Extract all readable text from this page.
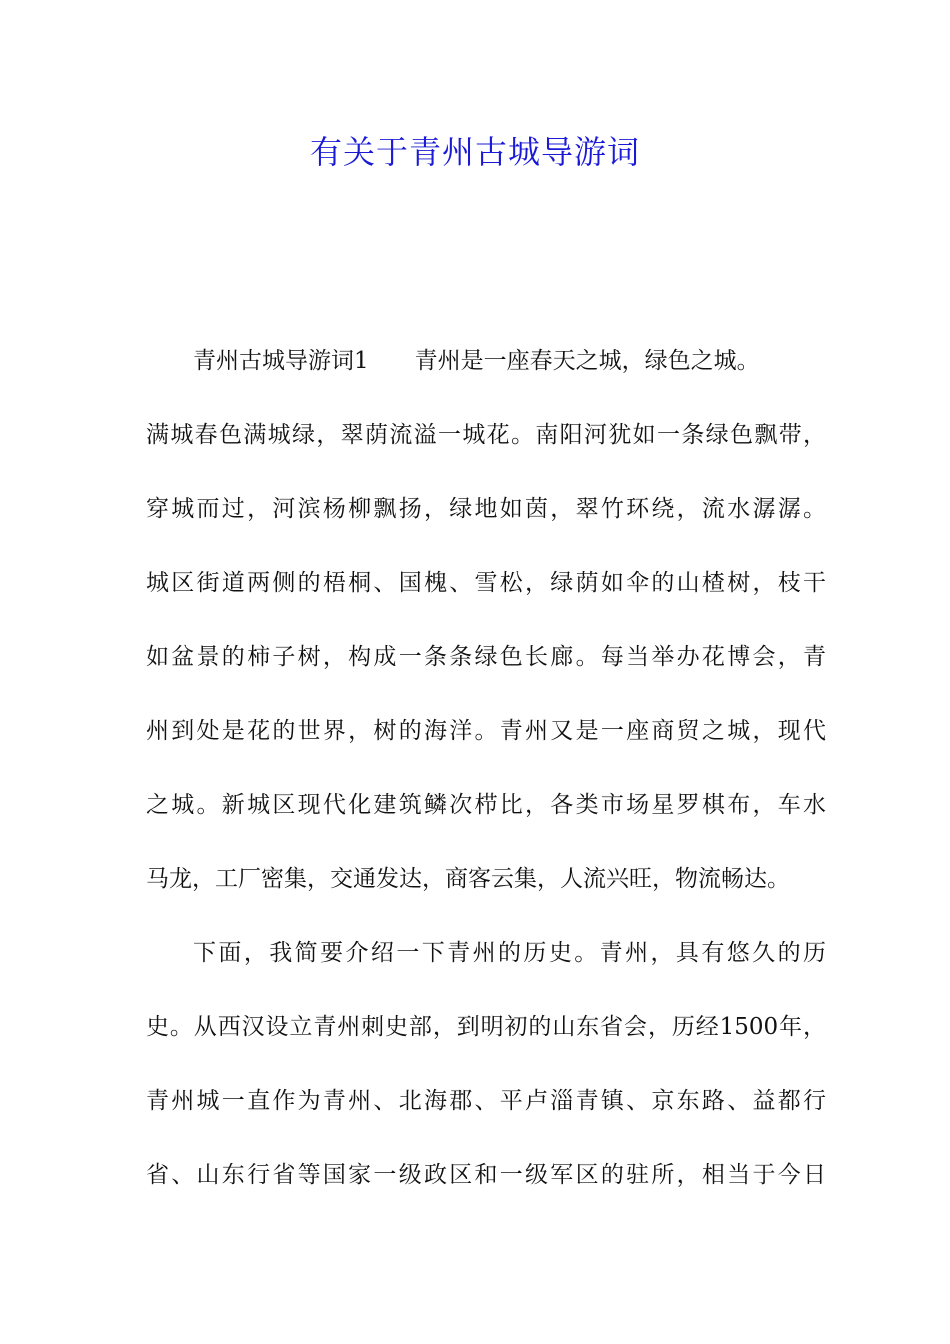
有关于青州古城导游词
青州古城导游词1　　青州是一座春天之城，绿色之城。
满城春色满城绿，翠荫流溢一城花。南阳河犹如一条绿色飘带，
穿城而过，河滨杨柳飘扬，绿地如茵，翠竹环绕，流水潺潺。
城区街道两侧的梧桐、国槐、雪松，绿荫如伞的山楂树，枝干
如盆景的柿子树，构成一条条绿色长廊。每当举办花博会，青
州到处是花的世界，树的海洋。青州又是一座商贸之城，现代
之城。新城区现代化建筑鳞次栉比，各类市场星罗棋布，车水
马龙，工厂密集，交通发达，商客云集，人流兴旺，物流畅达。
下面，我简要介绍一下青州的历史。青州，具有悠久的历
史。从西汉设立青州刺史部，到明初的山东省会，历经1500年，
青州城一直作为青州、北海郡、平卢淄青镇、京东路、益都行
省、山东行省等国家一级政区和一级军区的驻所，相当于今日
